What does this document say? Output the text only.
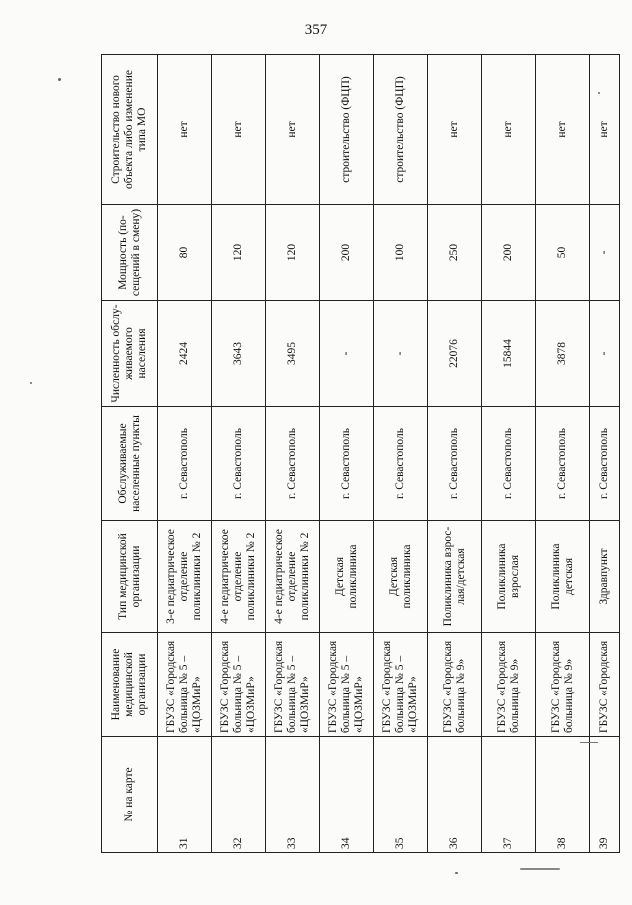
357
№ на карте	Наименование медицинской организации	Тип медицинской организации	Обслуживаемые населенные пункты	Численность обслуживаемого населения	Мощность (посещений в смену)	Строительство нового объекта либо изменение типа МО
31	ГБУЗС «Городская больница № 5 – «ЦОЗМиР»	3-е педиатрическое отделение поликлиники № 2	г. Севастополь	2424	80	нет
32	ГБУЗС «Городская больница № 5 – «ЦОЗМиР»	4-е педиатрическое отделение поликлиники № 2	г. Севастополь	3643	120	нет
33	ГБУЗС «Городская больница № 5 – «ЦОЗМиР»	4-е педиатрическое отделение поликлиники № 2	г. Севастополь	3495	120	нет
34	ГБУЗС «Городская больница № 5 – «ЦОЗМиР»	Детская поликлиника	г. Севастополь	-	200	строительство (ФЦП)
35	ГБУЗС «Городская больница № 5 – «ЦОЗМиР»	Детская поликлиника	г. Севастополь	-	100	строительство (ФЦП)
36	ГБУЗС «Городская больница № 9»	Поликлиника взрослая/детская	г. Севастополь	22076	250	нет
37	ГБУЗС «Городская больница № 9»	Поликлиника взрослая	г. Севастополь	15844	200	нет
38	ГБУЗС «Городская больница № 9»	Поликлиника детская	г. Севастополь	3878	50	нет
39	ГБУЗС «Городская	Здравпункт	г. Севастополь	-	-	нет
